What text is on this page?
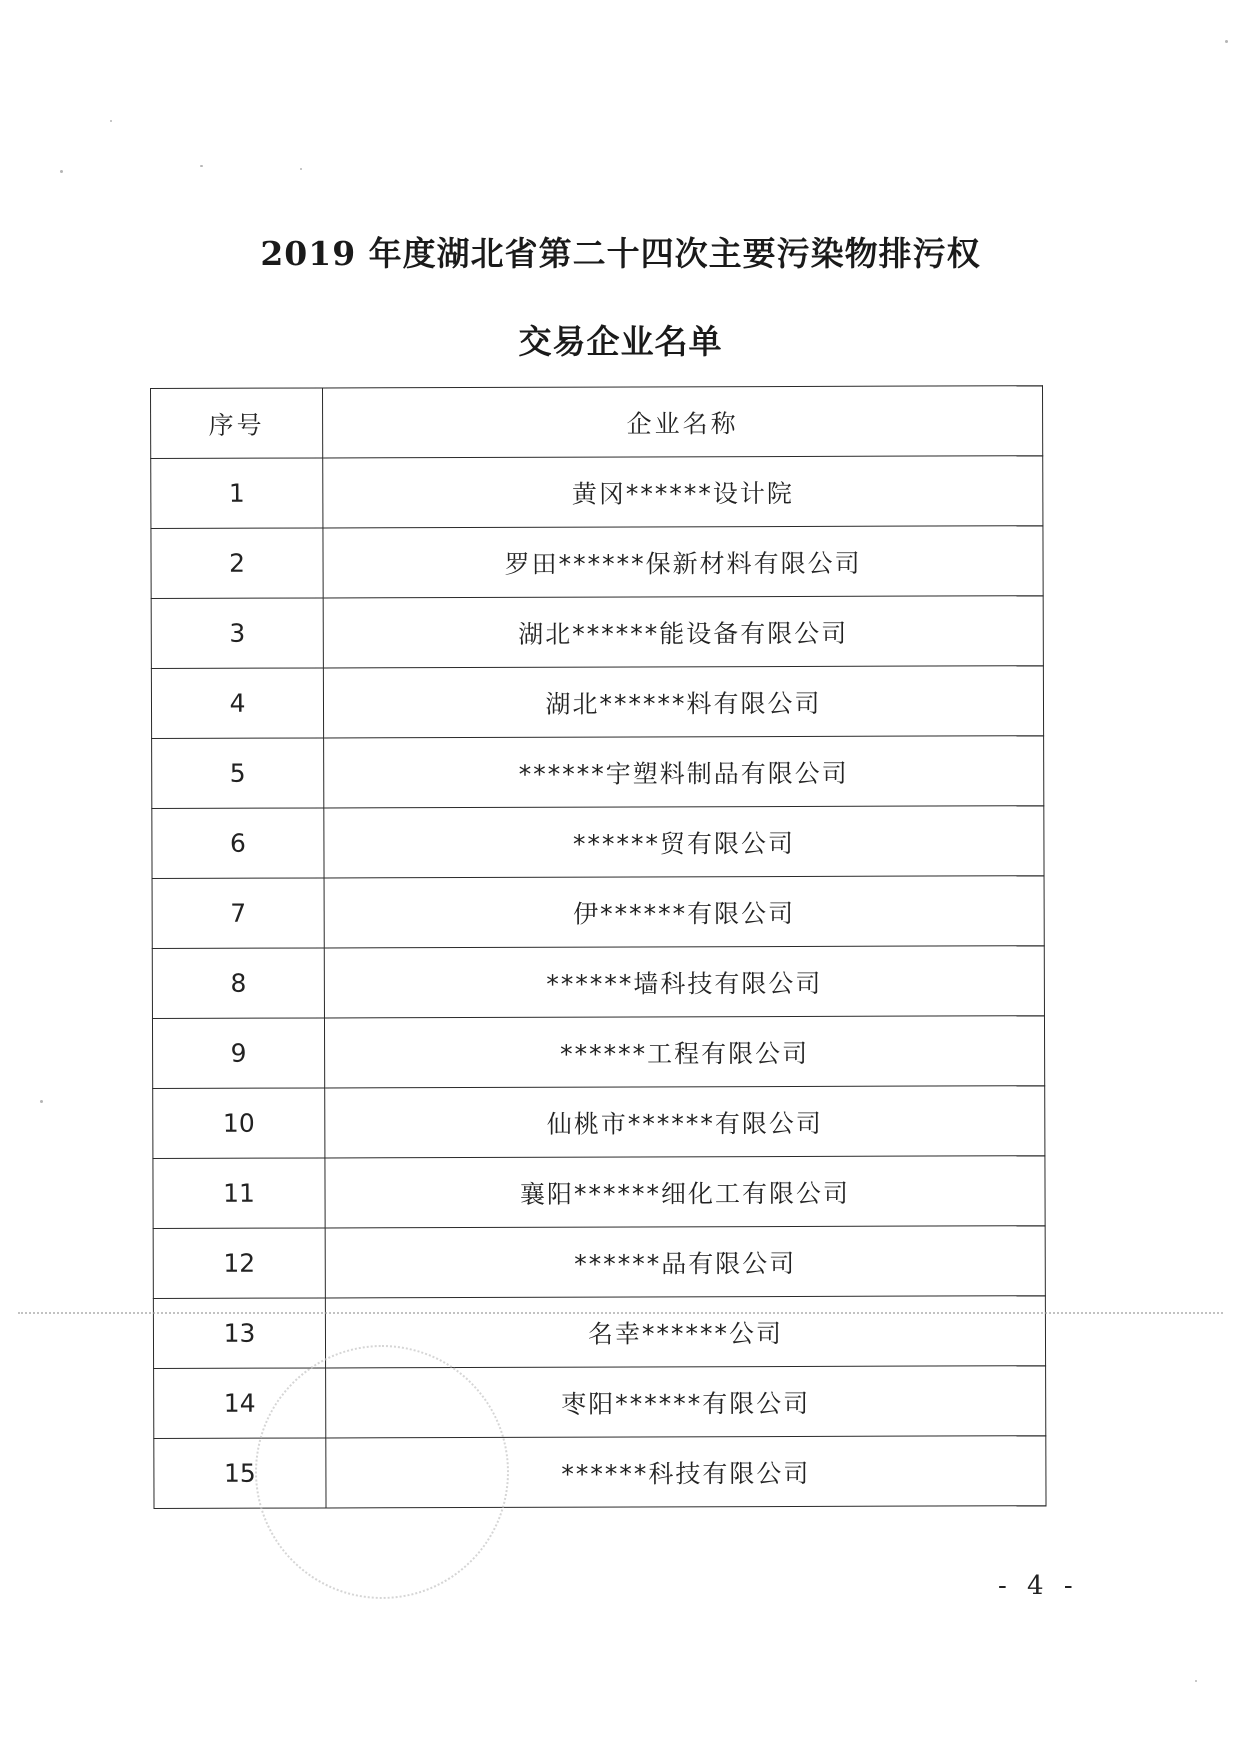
2019 年度湖北省第二十四次主要污染物排污权
交易企业名单
序号	企业名称
1	黄冈******设计院
2	罗田******保新材料有限公司
3	湖北******能设备有限公司
4	湖北******料有限公司
5	******宇塑料制品有限公司
6	******贸有限公司
7	伊******有限公司
8	******墙科技有限公司
9	******工程有限公司
10	仙桃市******有限公司
11	襄阳******细化工有限公司
12	******品有限公司
13	名幸******公司
14	枣阳******有限公司
15	******科技有限公司
- 4 -
